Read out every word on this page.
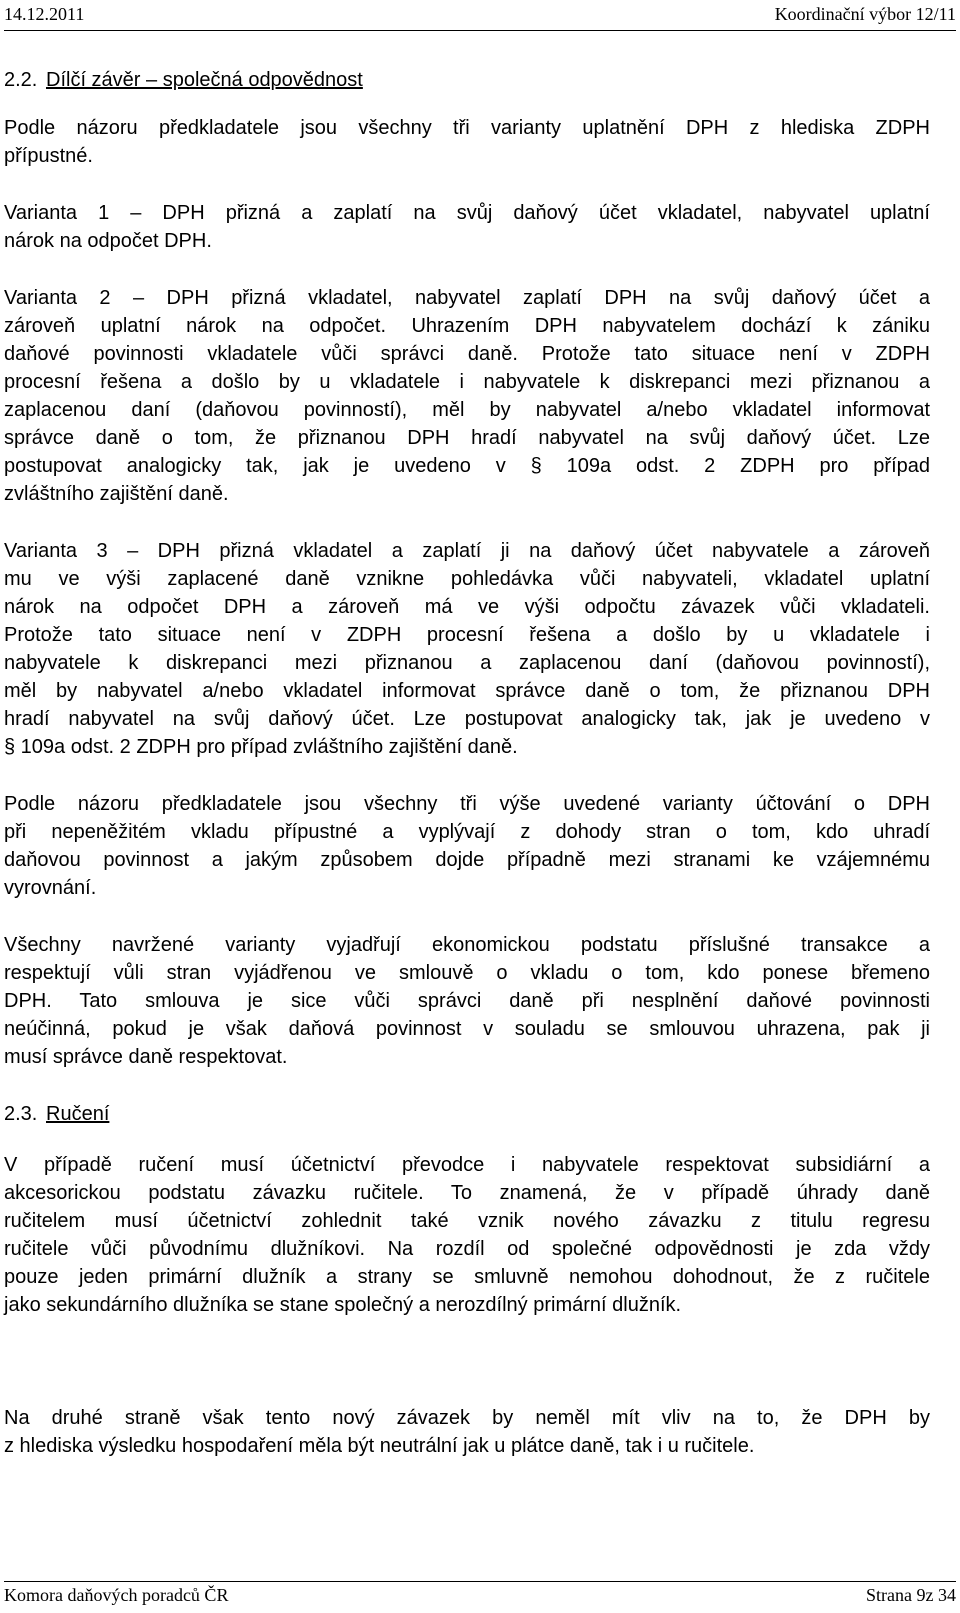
14.12.2011	Koordinační výbor 12/11
2.2. Dílčí závěr – společná odpovědnost
Podle názoru předkladatele jsou všechny tři varianty uplatnění DPH z hlediska ZDPH
přípustné.
Varianta 1 – DPH přizná a zaplatí na svůj daňový účet vkladatel, nabyvatel uplatní
nárok na odpočet DPH.
Varianta 2 – DPH přizná vkladatel, nabyvatel zaplatí DPH na svůj daňový účet a
zároveň uplatní nárok na odpočet. Uhrazením DPH nabyvatelem dochází k zániku
daňové povinnosti vkladatele vůči správci daně. Protože tato situace není v ZDPH
procesní řešena a došlo by u vkladatele i nabyvatele k diskrepanci mezi přiznanou a
zaplacenou daní (daňovou povinností), měl by nabyvatel a/nebo vkladatel informovat
správce daně o tom, že přiznanou DPH hradí nabyvatel na svůj daňový účet. Lze
postupovat analogicky tak, jak je uvedeno v § 109a odst. 2 ZDPH pro případ
zvláštního zajištění daně.
Varianta 3 – DPH přizná vkladatel a zaplatí ji na daňový účet nabyvatele a zároveň
mu ve výši zaplacené daně vznikne pohledávka vůči nabyvateli, vkladatel uplatní
nárok na odpočet DPH a zároveň má ve výši odpočtu závazek vůči vkladateli.
Protože tato situace není v ZDPH procesní řešena a došlo by u vkladatele i
nabyvatele k diskrepanci mezi přiznanou a zaplacenou daní (daňovou povinností),
měl by nabyvatel a/nebo vkladatel informovat správce daně o tom, že přiznanou DPH
hradí nabyvatel na svůj daňový účet. Lze postupovat analogicky tak, jak je uvedeno v
§ 109a odst. 2 ZDPH pro případ zvláštního zajištění daně.
Podle názoru předkladatele jsou všechny tři výše uvedené varianty účtování o DPH
při nepeněžitém vkladu přípustné a vyplývají z dohody stran o tom, kdo uhradí
daňovou povinnost a jakým způsobem dojde případně mezi stranami ke vzájemnému
vyrovnání.
Všechny navržené varianty vyjadřují ekonomickou podstatu příslušné transakce a
respektují vůli stran vyjádřenou ve smlouvě o vkladu o tom, kdo ponese břemeno
DPH. Tato smlouva je sice vůči správci daně při nesplnění daňové povinnosti
neúčinná, pokud je však daňová povinnost v souladu se smlouvou uhrazena, pak ji
musí správce daně respektovat.
2.3. Ručení
V případě ručení musí účetnictví převodce i nabyvatele respektovat subsidiární a
akcesorickou podstatu závazku ručitele. To znamená, že v případě úhrady daně
ručitelem musí účetnictví zohlednit také vznik nového závazku z titulu regresu
ručitele vůči původnímu dlužníkovi. Na rozdíl od společné odpovědnosti je zda vždy
pouze jeden primární dlužník a strany se smluvně nemohou dohodnout, že z ručitele
jako sekundárního dlužníka se stane společný a nerozdílný primární dlužník.
Na druhé straně však tento nový závazek by neměl mít vliv na to, že DPH by
z hlediska výsledku hospodaření měla být neutrální jak u plátce daně, tak i u ručitele.
Komora daňových poradců ČR	Strana 9z 34
